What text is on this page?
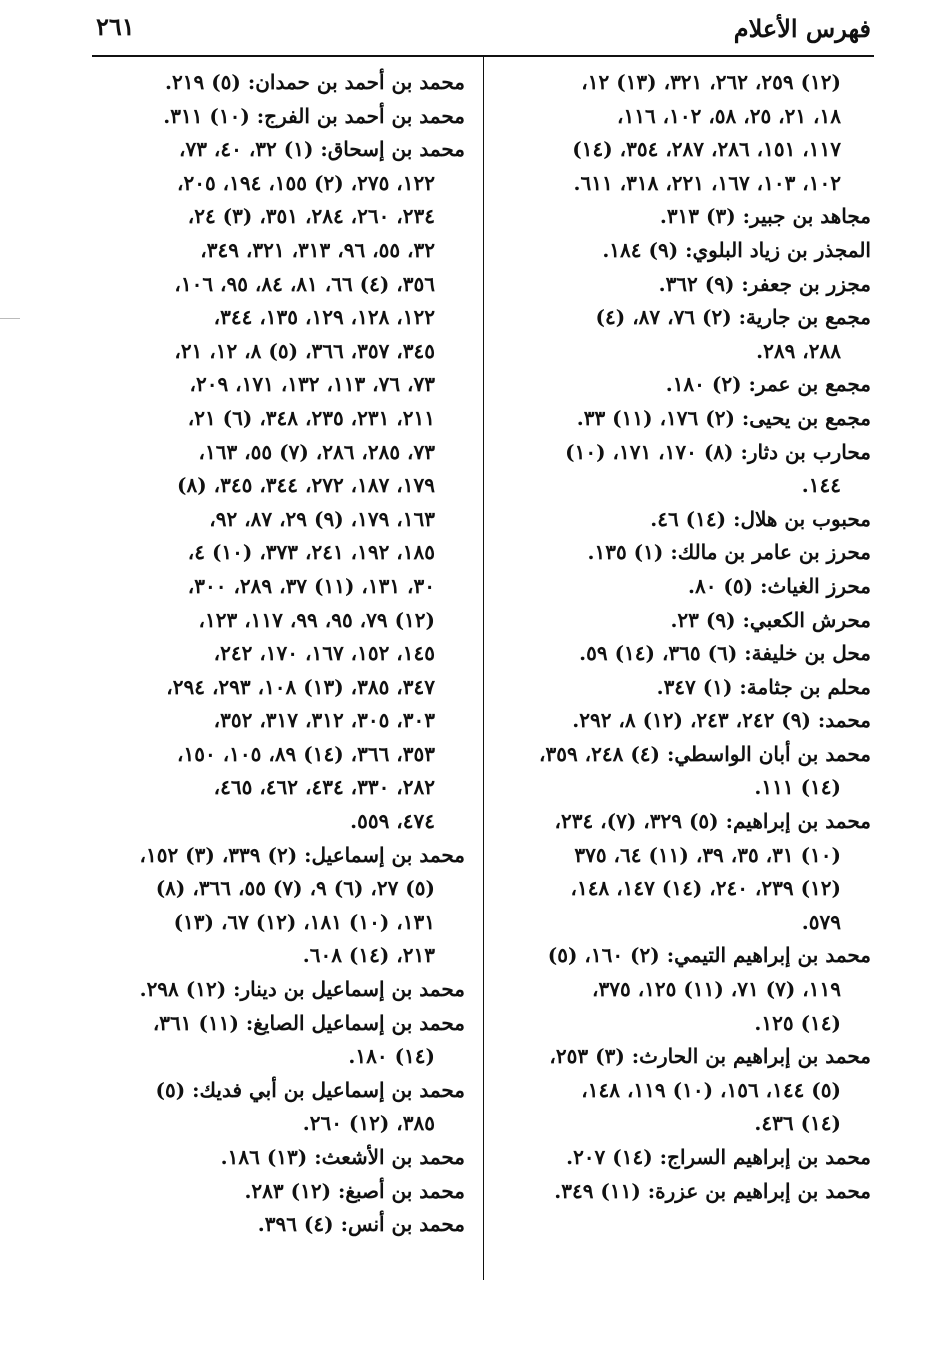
فهرس الأعلام
٢٦١
(١٢) ٢٥٩، ٢٦٢، ٣٢١، (١٣) ١٢،
١٨، ٢١، ٢٥، ٥٨، ١٠٢، ١١٦،
١١٧، ١٥١، ٢٨٦، ٢٨٧، ٣٥٤، (١٤)
١٠٢، ١٠٣، ١٦٧، ٢٢١، ٣١٨، ٦١١.
مجاهد بن جبير: (٣) ٣١٣.
المجذر بن زياد البلوي: (٩) ١٨٤.
مجزر بن جعفر: (٩) ٣٦٢.
مجمع بن جارية: (٢) ٧٦، ٨٧، (٤)
٢٨٨، ٢٨٩.
مجمع بن عمر: (٢) ١٨٠.
مجمع بن يحيى: (٢) ١٧٦، (١١) ٣٣.
محارب بن دثار: (٨) ١٧٠، ١٧١، (١٠)
١٤٤.
محبوب بن هلال: (١٤) ٤٦.
محرز بن عامر بن مالك: (١) ١٣٥.
محرز الغياث: (٥) ٨٠.
محرش الكعبي: (٩) ٢٣.
محل بن خليفة: (٦) ٣٦٥، (١٤) ٥٩.
محلم بن جثامة: (١) ٣٤٧.
محمد: (٩) ٢٤٢، ٢٤٣، (١٢) ٨، ٢٩٢.
محمد بن أبان الواسطي: (٤) ٢٤٨، ٣٥٩،
(١٤) ١١١.
محمد بن إبراهيم: (٥) ٣٢٩، (٧)، ٢٣٤،
(١٠) ٣١، ٣٥، ٣٩، (١١) ٦٤، ٣٧٥
(١٢) ٢٣٩، ٢٤٠، (١٤) ١٤٧، ١٤٨،
٥٧٩.
محمد بن إبراهيم التيمي: (٢) ١٦٠، (٥)
١١٩، (٧) ٧١، (١١) ١٢٥، ٣٧٥،
(١٤) ١٢٥.
محمد بن إبراهيم بن الحارث: (٣) ٢٥٣،
(٥) ١٤٤، ١٥٦، (١٠) ١١٩، ١٤٨،
(١٤) ٤٣٦.
محمد بن إبراهيم السراج: (١٤) ٢٠٧.
محمد بن إبراهيم بن عزرة: (١١) ٣٤٩.
محمد بن أحمد بن حمدان: (٥) ٢١٩.
محمد بن أحمد بن الفرج: (١٠) ٣١١.
محمد بن إسحاق: (١) ٣٢، ٤٠، ٧٣،
١٢٢، ٢٧٥، (٢) ١٥٥، ١٩٤، ٢٠٥،
٢٣٤، ٢٦٠، ٢٨٤، ٣٥١، (٣) ٢٤،
٣٢، ٥٥، ٩٦، ٣١٣، ٣٢١، ٣٤٩،
٣٥٦، (٤) ٦٦، ٨١، ٨٤، ٩٥، ١٠٦،
١٢٢، ١٢٨، ١٢٩، ١٣٥، ٣٤٤،
٣٤٥، ٣٥٧، ٣٦٦، (٥) ٨، ١٢، ٢١،
٧٣، ٧٦، ١١٣، ١٣٢، ١٧١، ٢٠٩،
٢١١، ٢٣١، ٢٣٥، ٣٤٨، (٦) ٢١،
٧٣، ٢٨٥، ٢٨٦، (٧) ٥٥، ١٦٣،
١٧٩، ١٨٧، ٢٧٢، ٣٤٤، ٣٤٥، (٨)
١٦٣، ١٧٩، (٩) ٢٩، ٨٧، ٩٢،
١٨٥، ١٩٢، ٢٤١، ٣٧٣، (١٠) ٤،
٣٠، ١٣١، (١١) ٣٧، ٢٨٩، ٣٠٠،
(١٢) ٧٩، ٩٥، ٩٩، ١١٧، ١٢٣،
١٤٥، ١٥٢، ١٦٧، ١٧٠، ٢٤٢،
٣٤٧، ٣٨٥، (١٣) ١٠٨، ٢٩٣، ٢٩٤،
٣٠٣، ٣٠٥، ٣١٢، ٣١٧، ٣٥٢،
٣٥٣، ٣٦٦، (١٤) ٨٩، ١٠٥، ١٥٠،
٢٨٢، ٣٣٠، ٤٣٤، ٤٦٢، ٤٦٥،
٤٧٤، ٥٥٩.
محمد بن إسماعيل: (٢) ٣٣٩، (٣) ١٥٢،
(٥) ٢٧، (٦) ٩، (٧) ٥٥، ٣٦٦، (٨)
١٣١، (١٠) ١٨١، (١٢) ٦٧، (١٣)
٢١٣، (١٤) ٦٠٨.
محمد بن إسماعيل بن دينار: (١٢) ٢٩٨.
محمد بن إسماعيل الصايغ: (١١) ٣٦١،
(١٤) ١٨٠.
محمد بن إسماعيل بن أبي فديك: (٥)
٣٨٥، (١٢) ٢٦٠.
محمد بن الأشعث: (١٣) ١٨٦.
محمد بن أصبغ: (١٢) ٢٨٣.
محمد بن أنس: (٤) ٣٩٦.
